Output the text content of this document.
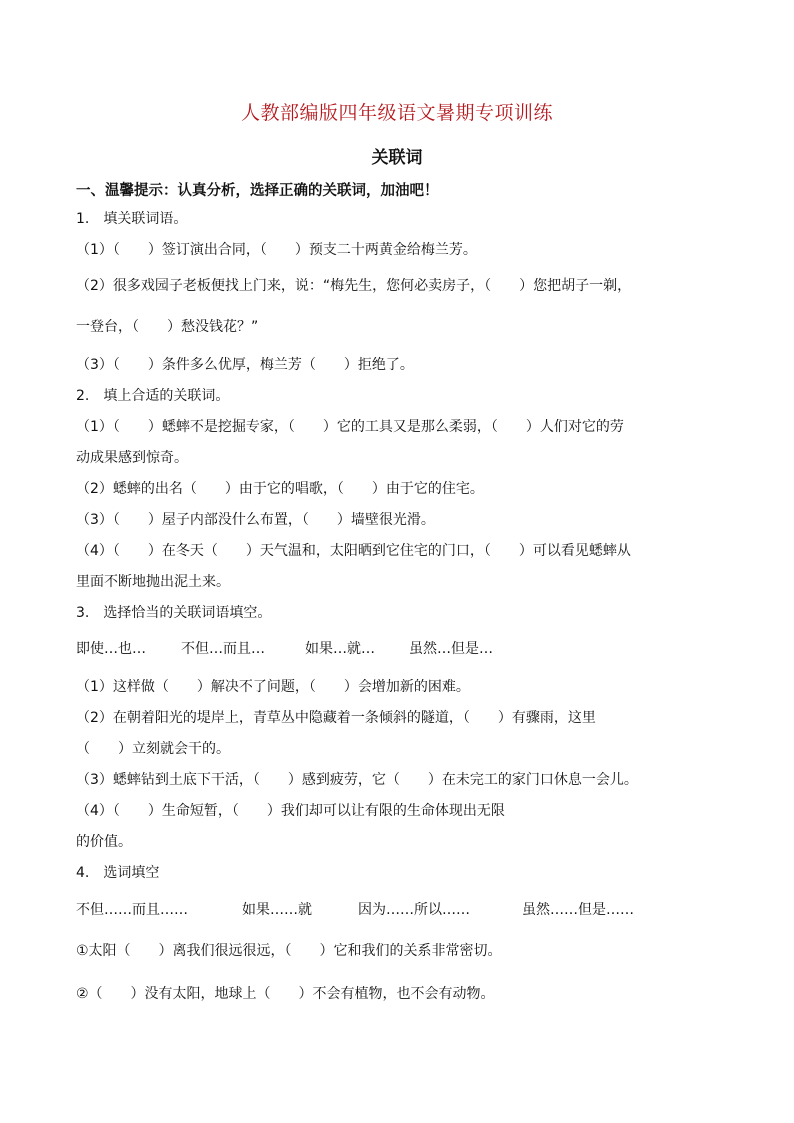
人教部编版四年级语文暑期专项训练
关联词
一、温馨提示：认真分析，选择正确的关联词，加油吧！
1.　填关联词语。
（1）（　　）签订演出合同，（　　）预支二十两黄金给梅兰芳。
（2）很多戏园子老板便找上门来，说：“梅先生，您何必卖房子，（　　）您把胡子一剃，
一登台，（　　）愁没钱花？”
（3）（　　）条件多么优厚，梅兰芳（　　）拒绝了。
2.　填上合适的关联词。
（1）（　　）蟋蟀不是挖掘专家，（　　）它的工具又是那么柔弱，（　　）人们对它的劳
动成果感到惊奇。
（2）蟋蟀的出名（　　）由于它的唱歌，（　　）由于它的住宅。
（3）（　　）屋子内部没什么布置，（　　）墙壁很光滑。
（4）（　　）在冬天（　　）天气温和，太阳晒到它住宅的门口，（　　）可以看见蟋蟀从
里面不断地抛出泥土来。
3.　选择恰当的关联词语填空。
即使…也…	不但…而且…	如果…就… 虽然…但是…
（1）这样做（　　）解决不了问题，（　　）会增加新的困难。
（2）在朝着阳光的堤岸上，青草丛中隐藏着一条倾斜的隧道，（　　）有骤雨，这里
（　　）立刻就会干的。
（3）蟋蟀钻到土底下干活，（　　）感到疲劳，它（　　）在未完工的家门口休息一会儿。
（4）（　　）生命短暂，（　　）我们却可以让有限的生命体现出无限
的价值。
4.　选词填空
不但……而且……	如果……就	因为……所以……	虽然……但是……
①太阳（　　）离我们很远很远，（　　）它和我们的关系非常密切。
②（　　）没有太阳，地球上（　　）不会有植物，也不会有动物。
